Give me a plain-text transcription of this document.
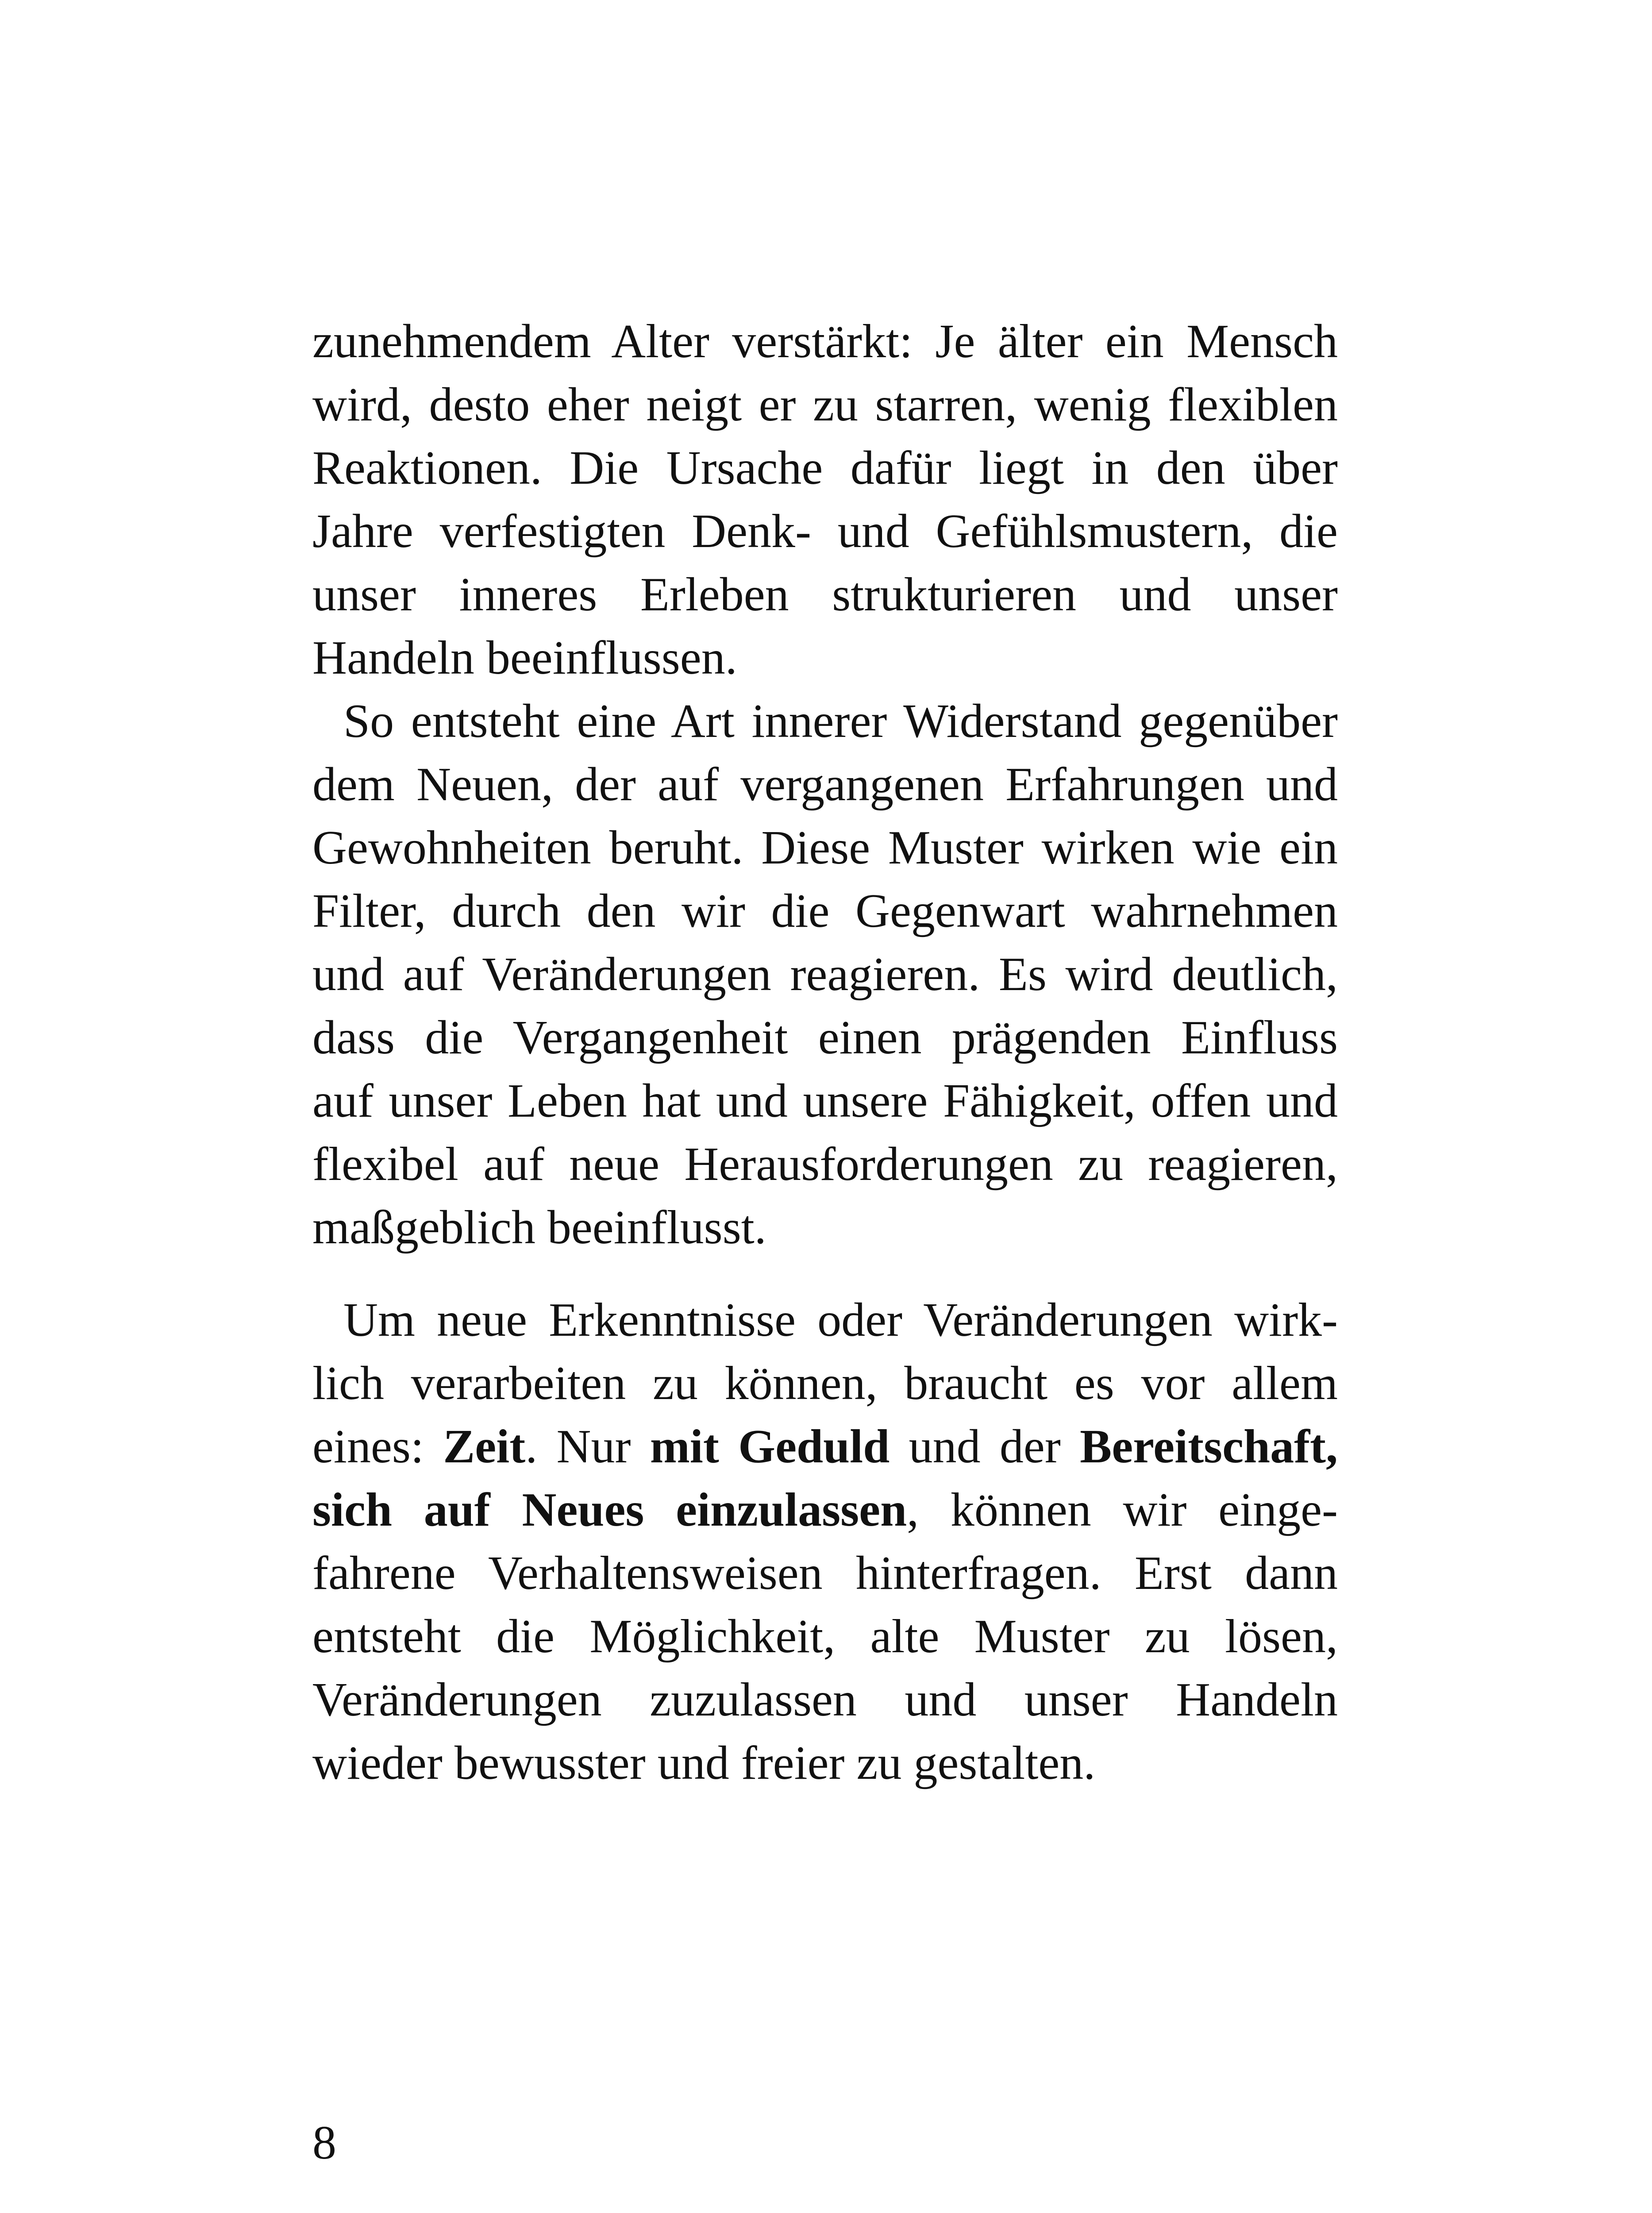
zunehmendem Alter verstärkt: Je älter ein Mensch
wird, desto eher neigt er zu starren, wenig flexiblen
Reaktionen. Die Ursache dafür liegt in den über
Jahre verfestigten Denk- und Gefühlsmustern, die
unser inneres Erleben strukturieren und unser
Handeln beeinflussen.
So entsteht eine Art innerer Widerstand gegenüber
dem Neuen, der auf vergangenen Erfahrungen und
Gewohnheiten beruht. Diese Muster wirken wie ein
Filter, durch den wir die Gegenwart wahrnehmen
und auf Veränderungen reagieren. Es wird deutlich,
dass die Vergangenheit einen prägenden Einfluss
auf unser Leben hat und unsere Fähigkeit, offen und
flexibel auf neue Herausforderungen zu reagieren,
maßgeblich beeinflusst.
Um neue Erkenntnisse oder Veränderungen wirk-
lich verarbeiten zu können, braucht es vor allem
eines: Zeit. Nur mit Geduld und der Bereitschaft,
sich auf Neues einzulassen, können wir einge-
fahrene Verhaltensweisen hinterfragen. Erst dann
entsteht die Möglichkeit, alte Muster zu lösen,
Veränderungen zuzulassen und unser Handeln
wieder bewusster und freier zu gestalten.
8
